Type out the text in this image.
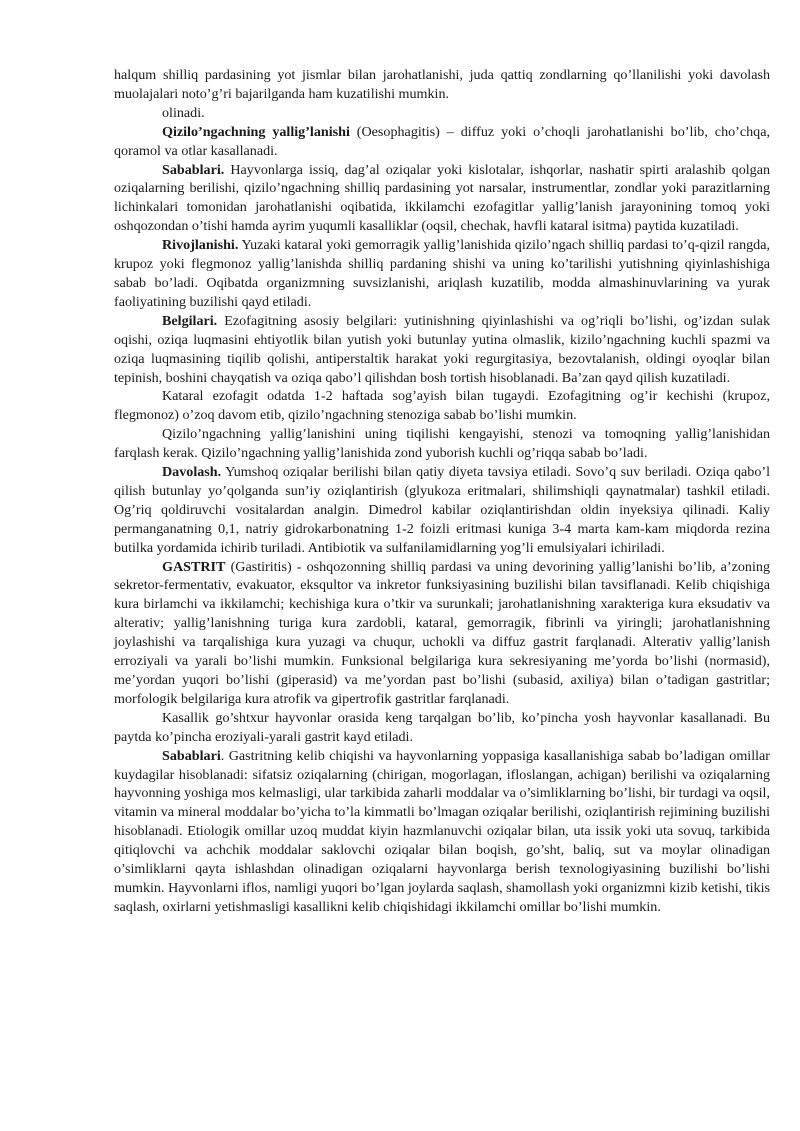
halqum shilliq pardasining yot jismlar bilan jarohatlanishi, juda qattiq zondlarning qo’llanilishi yoki davolash muolajalari noto’g’ri bajarilganda ham kuzatilishi mumkin.

olinadi.

Qizilo’ngachning yallig’lanishi (Oesophagitis) – diffuz yoki o’choqli jarohatlanishi bo’lib, cho’chqa, qoramol va otlar kasallanadi.

Sabablari. Hayvonlarga issiq, dag’al oziqalar yoki kislotalar, ishqorlar, nashatir spirti aralashib qolgan oziqalarning berilishi, qizilo’ngachning shilliq pardasining yot narsalar, instrumentlar, zondlar yoki parazitlarning lichinkalari tomonidan jarohatlanishi oqibatida, ikkilamchi ezofagitlar yallig’lanish jarayonining tomoq yoki oshqozondan o’tishi hamda ayrim yuqumli kasalliklar (oqsil, chechak, havfli kataral isitma) paytida kuzatiladi.

Rivojlanishi. Yuzaki kataral yoki gemorragik yallig’lanishida qizilo’ngach shilliq pardasi to’q-qizil rangda, krupoz yoki flegmonoz yallig’lanishda shilliq pardaning shishi va uning ko’tarilishi yutishning qiyinlashishiga sabab bo’ladi. Oqibatda organizmning suvsizlanishi, ariqlash kuzatilib, modda almashinuvlarining va yurak faoliyatining buzilishi qayd etiladi.

Belgilari. Ezofagitning asosiy belgilari: yutinishning qiyinlashishi va og’riqli bo’lishi, og’izdan sulak oqishi, oziqa luqmasini ehtiyotlik bilan yutish yoki butunlay yutina olmaslik, kizilo’ngachning kuchli spazmi va oziqa luqmasining tiqilib qolishi, antiperstaltik harakat yoki regurgitasiya, bezovtalanish, oldingi oyoqlar bilan tepinish, boshini chayqatish va oziqa qabo’l qilishdan bosh tortish hisoblanadi. Ba’zan qayd qilish kuzatiladi.

Kataral ezofagit odatda 1-2 haftada sog’ayish bilan tugaydi. Ezofagitning og’ir kechishi (krupoz, flegmonoz) o’zoq davom etib, qizilo’ngachning stenoziga sabab bo’lishi mumkin.

Qizilo’ngachning yallig’lanishini uning tiqilishi kengayishi, stenozi va tomoqning yallig’lanishidan farqlash kerak. Qizilo’ngachning yallig’lanishida zond yuborish kuchli og’riqqa sabab bo’ladi.

Davolash. Yumshoq oziqalar berilishi bilan qatiy diyeta tavsiya etiladi. Sovo’q suv beriladi. Oziqa qabo’l qilish butunlay yo’qolganda sun’iy oziqlantirish (glyukoza eritmalari, shilimshiqli qaynatmalar) tashkil etiladi. Og’riq qoldiruvchi vositalardan analgin. Dimedrol kabilar oziqlantirishdan oldin inyeksiya qilinadi. Kaliy permanganatning 0,1, natriy gidrokarbonatning 1-2 foizli eritmasi kuniga 3-4 marta kam-kam miqdorda rezina butilka yordamida ichirib turiladi. Antibiotik va sulfanilamidlarning yog’li emulsiyalari ichiriladi.

GASTRIT (Gastiritis) - oshqozonning shilliq pardasi va uning devorining yallig’lanishi bo’lib, a’zoning sekretor-fermentativ, evakuator, eksqultor va inkretor funksiyasining buzilishi bilan tavsiflanadi. Kelib chiqishiga kura birlamchi va ikkilamchi; kechishiga kura o’tkir va surunkali; jarohatlanishning xarakteriga kura eksudativ va alterativ; yallig’lanishning turiga kura zardobli, kataral, gemorragik, fibrinli va yiringli; jarohatlanishning joylashishi va tarqalishiga kura yuzagi va chuqur, uchokli va diffuz gastrit farqlanadi. Alterativ yallig’lanish erroziyali va yarali bo’lishi mumkin. Funksional belgilariga kura sekresiyaning me’yorda bo’lishi (normasid), me’yordan yuqori bo’lishi (giperasid) va me’yordan past bo’lishi (subasid, axiliya) bilan o’tadigan gastritlar; morfologik belgilariga kura atrofik va gipertrofik gastritlar farqlanadi.

Kasallik go’shtxur hayvonlar orasida keng tarqalgan bo’lib, ko’pincha yosh hayvonlar kasallanadi. Bu paytda ko’pincha eroziyali-yarali gastrit kayd etiladi.

Sabablari. Gastritning kelib chiqishi va hayvonlarning yoppasiga kasallanishiga sabab bo’ladigan omillar kuydagilar hisoblanadi: sifatsiz oziqalarning (chirigan, mogorlagan, ifloslangan, achigan) berilishi va oziqalarning hayvonning yoshiga mos kelmasligi, ular tarkibida zaharli moddalar va o’simliklarning bo’lishi, bir turdagi va oqsil, vitamin va mineral moddalar bo’yicha to’la kimmatli bo’lmagan oziqalar berilishi, oziqlantirish rejimining buzilishi hisoblanadi. Etiologik omillar uzoq muddat kiyin hazmlanuvchi oziqalar bilan, uta issik yoki uta sovuq, tarkibida qitiqlovchi va achchik moddalar saklovchi oziqalar bilan boqish, go’sht, baliq, sut va moylar olinadigan o’simliklarni qayta ishlashdan olinadigan oziqalarni hayvonlarga berish texnologiyasining buzilishi bo’lishi mumkin. Hayvonlarni iflos, namligi yuqori bo’lgan joylarda saqlash, shamollash yoki organizmni kizib ketishi, tikis saqlash, oxirlarni yetishmasligi kasallikni kelib chiqishidagi ikkilamchi omillar bo’lishi mumkin.
